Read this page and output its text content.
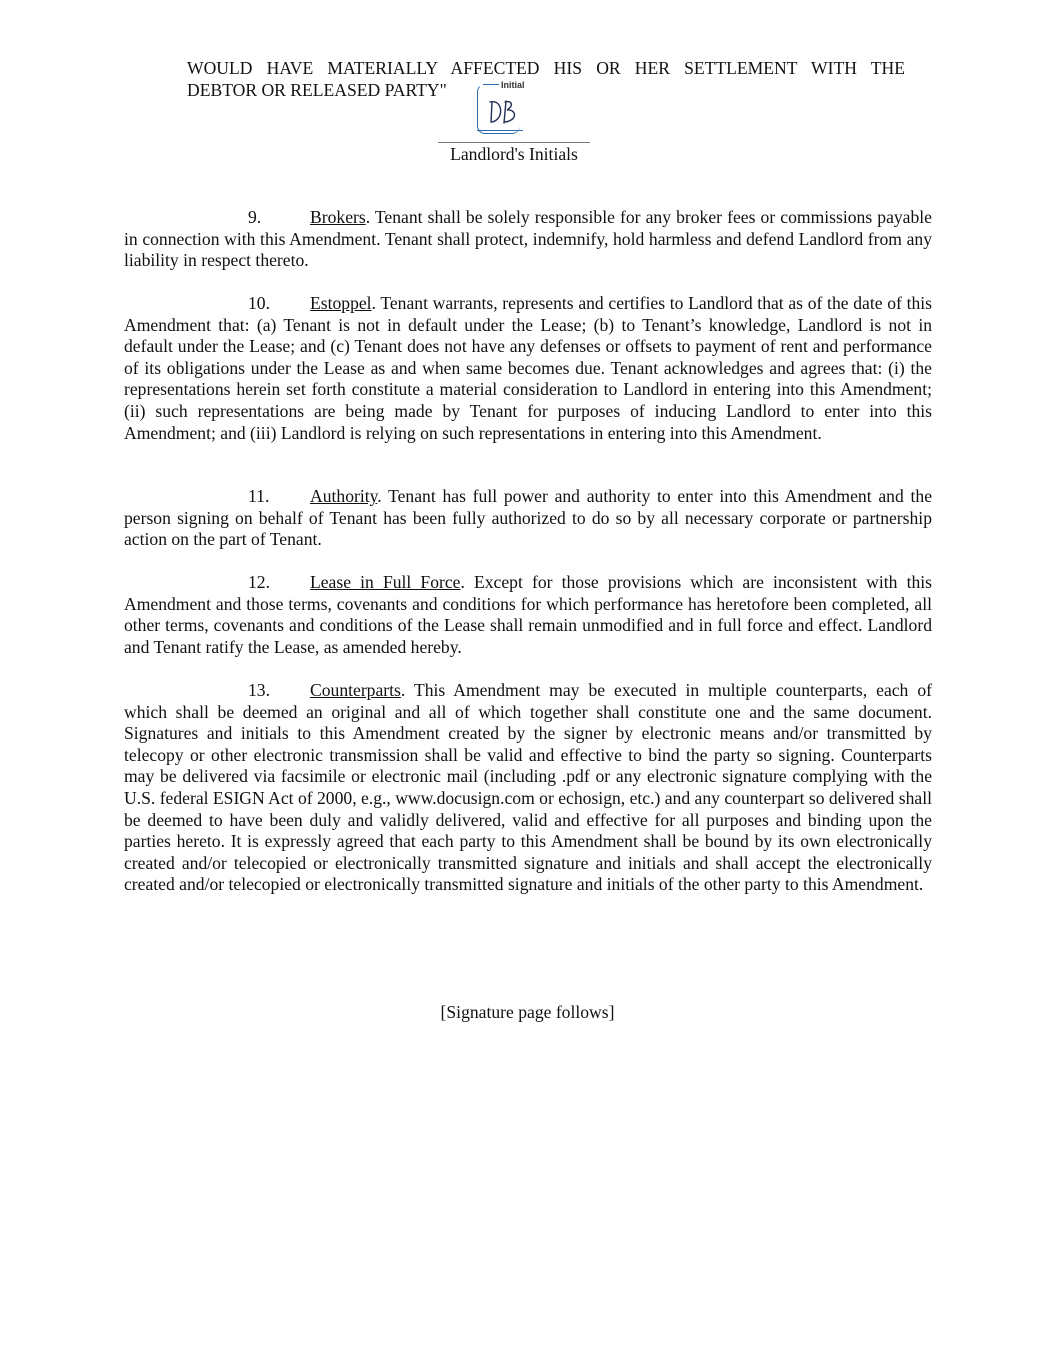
WOULD HAVE MATERIALLY AFFECTED HIS OR HER SETTLEMENT WITH THE
DEBTOR OR RELEASED PARTY"	Initial
Landlord's Initials
9.	Brokers. Tenant shall be solely responsible for any broker fees or commissions payable in connection with this Amendment. Tenant shall protect, indemnify, hold harmless and defend Landlord from any liability in respect thereto.
10. Estoppel. Tenant warrants, represents and certifies to Landlord that as of the date of this Amendment that: (a) Tenant is not in default under the Lease; (b) to Tenant’s knowledge, Landlord is not in default under the Lease; and (c) Tenant does not have any defenses or offsets to payment of rent and performance of its obligations under the Lease as and when same becomes due. Tenant acknowledges and agrees that: (i) the representations herein set forth constitute a material consideration to Landlord in entering into this Amendment; (ii) such representations are being made by Tenant for purposes of inducing Landlord to enter into this Amendment; and (iii) Landlord is relying on such representations in entering into this Amendment.
11. Authority. Tenant has full power and authority to enter into this Amendment and the person signing on behalf of Tenant has been fully authorized to do so by all necessary corporate or partnership action on the part of Tenant.
12. Lease in Full Force. Except for those provisions which are inconsistent with this Amendment and those terms, covenants and conditions for which performance has heretofore been completed, all other terms, covenants and conditions of the Lease shall remain unmodified and in full force and effect. Landlord and Tenant ratify the Lease, as amended hereby.
13. Counterparts. This Amendment may be executed in multiple counterparts, each of which shall be deemed an original and all of which together shall constitute one and the same document. Signatures and initials to this Amendment created by the signer by electronic means and/or transmitted by telecopy or other electronic transmission shall be valid and effective to bind the party so signing. Counterparts may be delivered via facsimile or electronic mail (including .pdf or any electronic signature complying with the U.S. federal ESIGN Act of 2000, e.g., www.docusign.com or echosign, etc.) and any counterpart so delivered shall be deemed to have been duly and validly delivered, valid and effective for all purposes and binding upon the parties hereto. It is expressly agreed that each party to this Amendment shall be bound by its own electronically created and/or telecopied or electronically transmitted signature and initials and shall accept the electronically created and/or telecopied or electronically transmitted signature and initials of the other party to this Amendment.
[Signature page follows]
